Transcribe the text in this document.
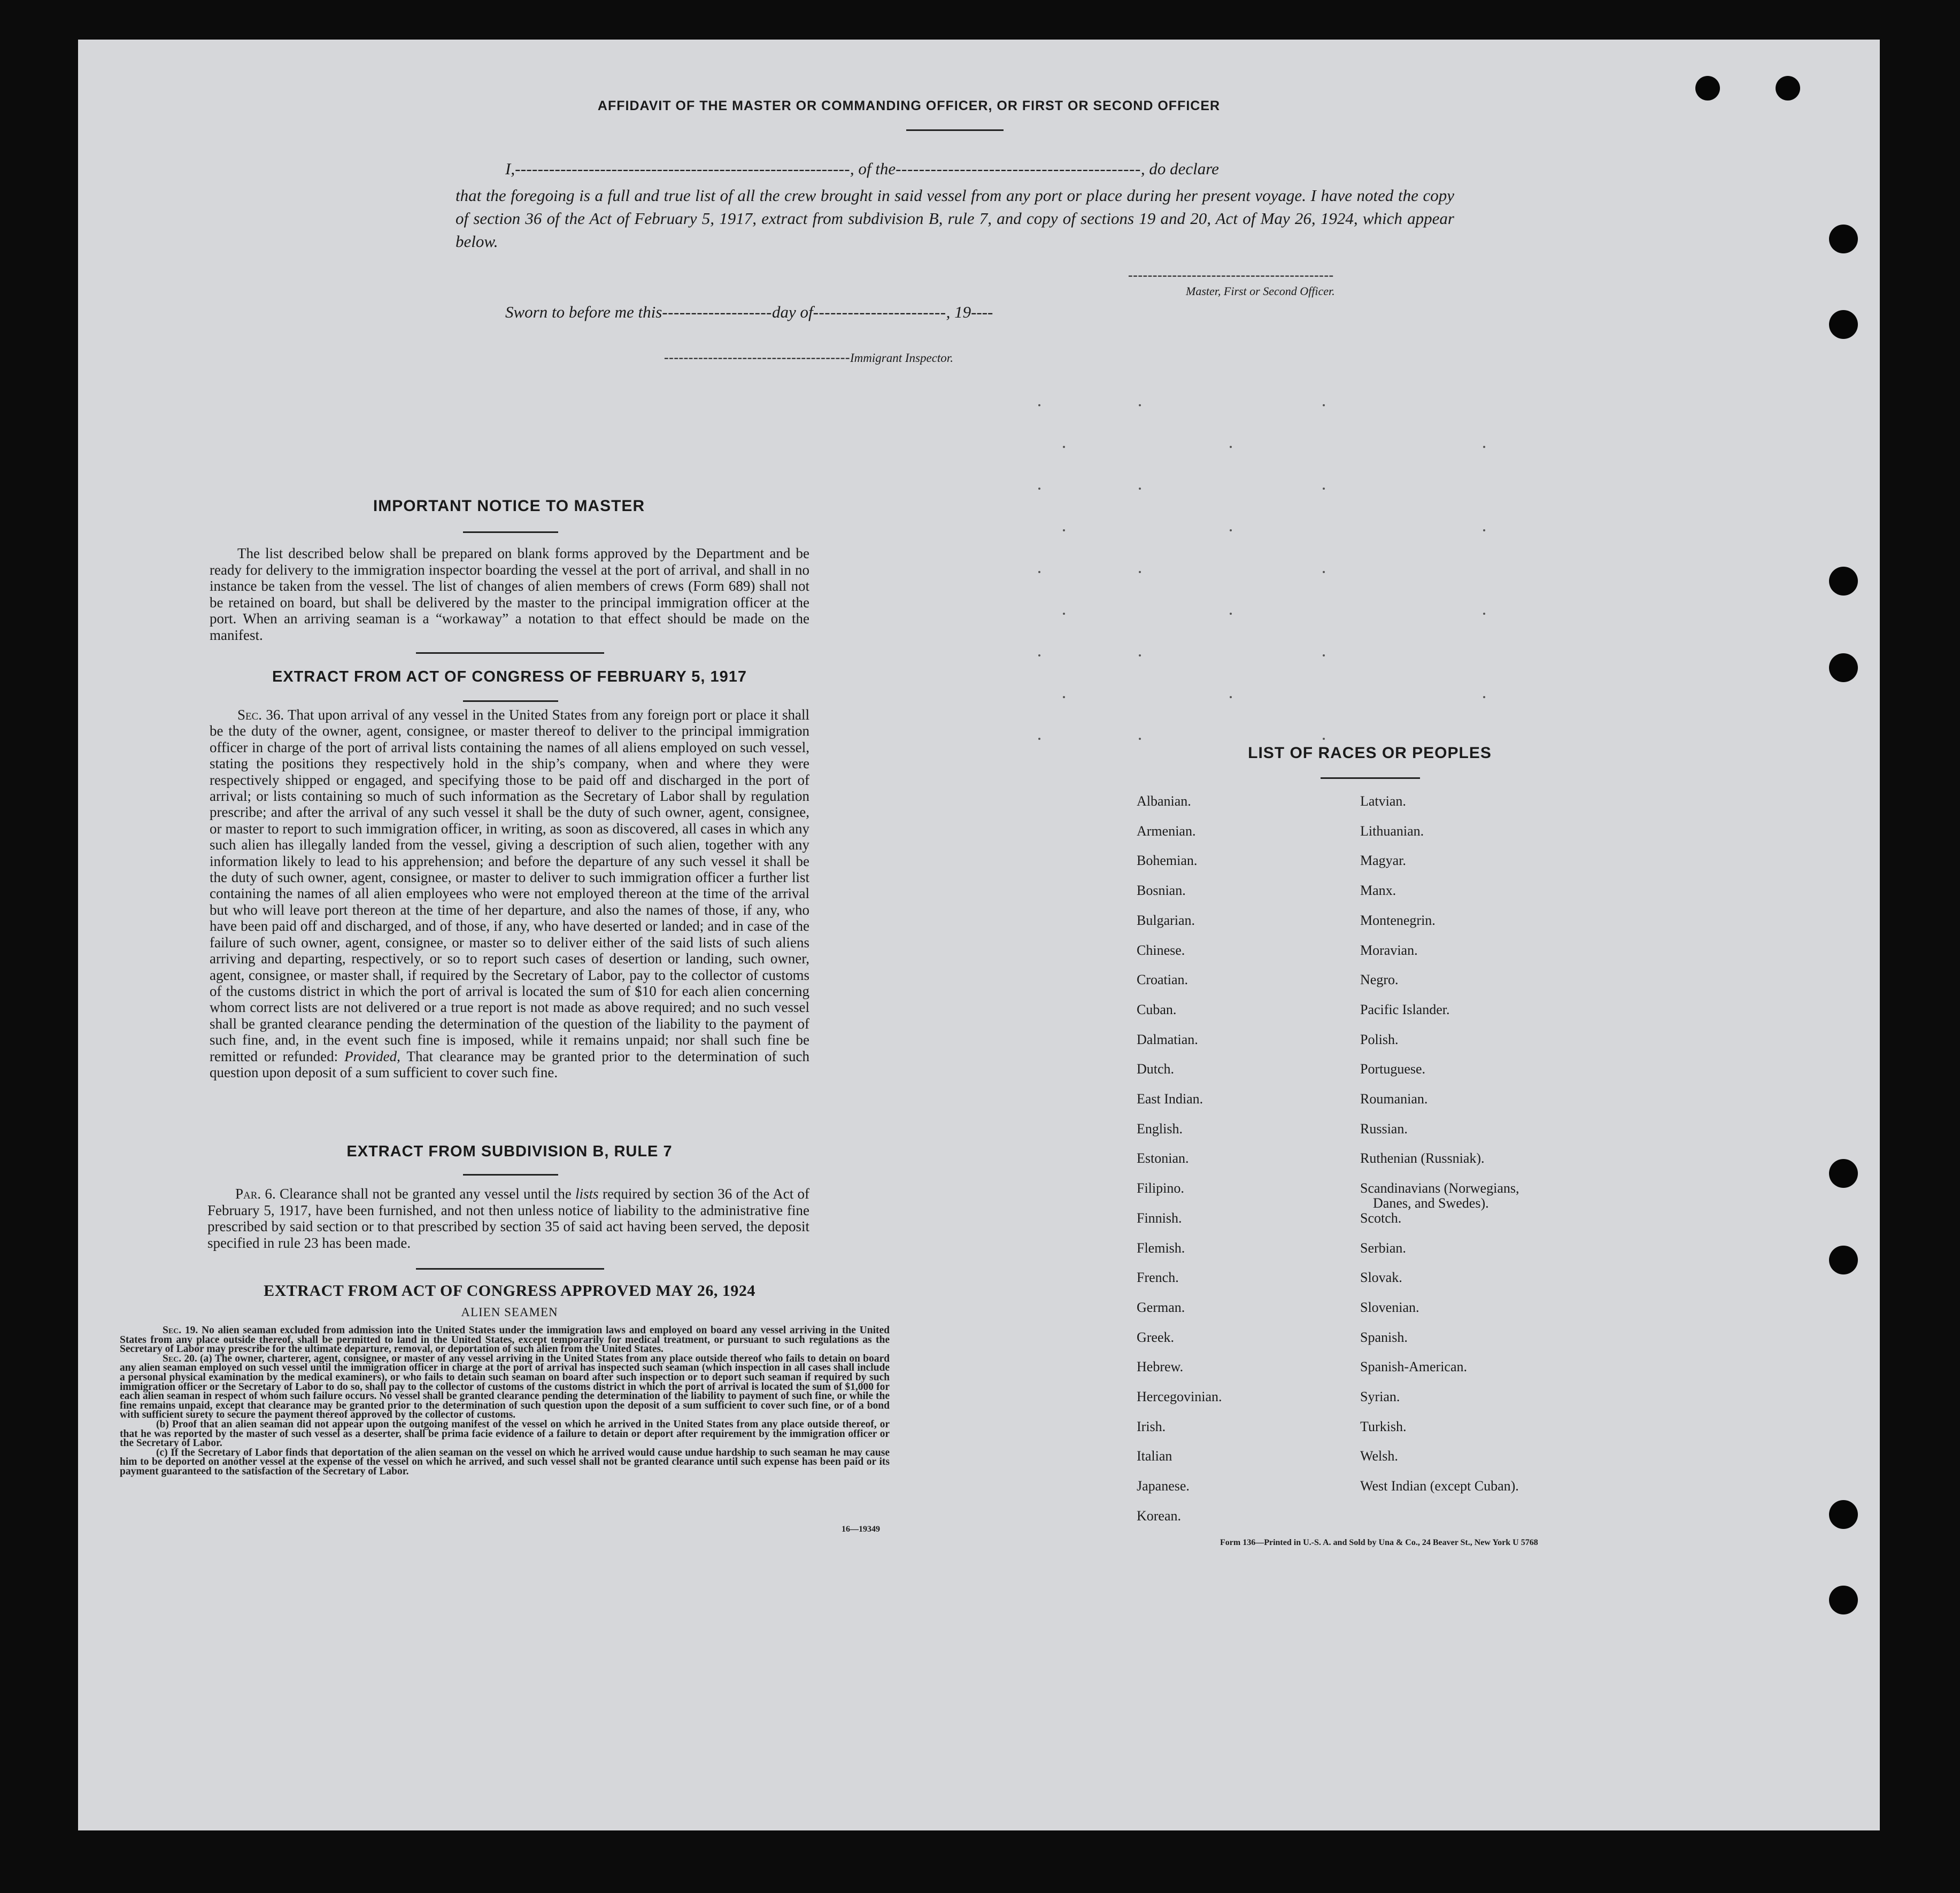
AFFIDAVIT OF THE MASTER OR COMMANDING OFFICER, OR FIRST OR SECOND OFFICER
I,-----------------------------------------------------------, of the------------------------------------------, do declare
that the foregoing is a full and true list of all the crew brought in said vessel from any port or place during her present voyage. I have noted the copy of section 36 of the Act of February 5, 1917, extract from subdivision B, rule 7, and copy of sections 19 and 20, Act of May 26, 1924, which appear below.
------------------------------------------
Master, First or Second Officer.
Sworn to before me this-------------------day of-----------------------, 19----
--------------------------------------Immigrant Inspector.
IMPORTANT NOTICE TO MASTER
The list described below shall be prepared on blank forms approved by the Department and be ready for delivery to the immigration inspector boarding the vessel at the port of arrival, and shall in no instance be taken from the vessel. The list of changes of alien members of crews (Form 689) shall not be retained on board, but shall be delivered by the master to the principal immigration officer at the port. When an arriving seaman is a “workaway” a notation to that effect should be made on the manifest.
EXTRACT FROM ACT OF CONGRESS OF FEBRUARY 5, 1917
Sec. 36. That upon arrival of any vessel in the United States from any foreign port or place it shall be the duty of the owner, agent, consignee, or master thereof to deliver to the principal immigration officer in charge of the port of arrival lists containing the names of all aliens employed on such vessel, stating the positions they respectively hold in the ship’s company, when and where they were respectively shipped or engaged, and specifying those to be paid off and discharged in the port of arrival; or lists containing so much of such information as the Secretary of Labor shall by regulation prescribe; and after the arrival of any such vessel it shall be the duty of such owner, agent, consignee, or master to report to such immigration officer, in writing, as soon as discovered, all cases in which any such alien has illegally landed from the vessel, giving a description of such alien, together with any information likely to lead to his apprehension; and before the departure of any such vessel it shall be the duty of such owner, agent, consignee, or master to deliver to such immigration officer a further list containing the names of all alien employees who were not employed thereon at the time of the arrival but who will leave port thereon at the time of her departure, and also the names of those, if any, who have been paid off and discharged, and of those, if any, who have deserted or landed; and in case of the failure of such owner, agent, consignee, or master so to deliver either of the said lists of such aliens arriving and departing, respectively, or so to report such cases of desertion or landing, such owner, agent, consignee, or master shall, if required by the Secretary of Labor, pay to the collector of customs of the customs district in which the port of arrival is located the sum of $10 for each alien concerning whom correct lists are not delivered or a true report is not made as above required; and no such vessel shall be granted clearance pending the determination of the question of the liability to the payment of such fine, and, in the event such fine is imposed, while it remains unpaid; nor shall such fine be remitted or refunded: Provided, That clearance may be granted prior to the determination of such question upon deposit of a sum sufficient to cover such fine.
EXTRACT FROM SUBDIVISION B, RULE 7
Par. 6. Clearance shall not be granted any vessel until the lists required by section 36 of the Act of February 5, 1917, have been furnished, and not then unless notice of liability to the administrative fine prescribed by said section or to that prescribed by section 35 of said act having been served, the deposit specified in rule 23 has been made.
EXTRACT FROM ACT OF CONGRESS APPROVED MAY 26, 1924
ALIEN SEAMEN
Sec. 19. No alien seaman excluded from admission into the United States under the immigration laws and employed on board any vessel arriving in the United States from any place outside thereof, shall be permitted to land in the United States, except temporarily for medical treatment, or pursuant to such regulations as the Secretary of Labor may prescribe for the ultimate departure, removal, or deportation of such alien from the United States.
Sec. 20. (a) The owner, charterer, agent, consignee, or master of any vessel arriving in the United States from any place outside thereof who fails to detain on board any alien seaman employed on such vessel until the immigration officer in charge at the port of arrival has inspected such seaman (which inspection in all cases shall include a personal physical examination by the medical examiners), or who fails to detain such seaman on board after such inspection or to deport such seaman if required by such immigration officer or the Secretary of Labor to do so, shall pay to the collector of customs of the customs district in which the port of arrival is located the sum of $1,000 for each alien seaman in respect of whom such failure occurs. No vessel shall be granted clearance pending the determination of the liability to payment of such fine, or while the fine remains unpaid, except that clearance may be granted prior to the determination of such question upon the deposit of a sum sufficient to cover such fine, or of a bond with sufficient surety to secure the payment thereof approved by the collector of customs.
(b) Proof that an alien seaman did not appear upon the outgoing manifest of the vessel on which he arrived in the United States from any place outside thereof, or that he was reported by the master of such vessel as a deserter, shall be prima facie evidence of a failure to detain or deport after requirement by the immigration officer or the Secretary of Labor.
(c) If the Secretary of Labor finds that deportation of the alien seaman on the vessel on which he arrived would cause undue hardship to such seaman he may cause him to be deported on another vessel at the expense of the vessel on which he arrived, and such vessel shall not be granted clearance until such expense has been paid or its payment guaranteed to the satisfaction of the Secretary of Labor.
16—19349
LIST OF RACES OR PEOPLES
Albanian.
Armenian.
Bohemian.
Bosnian.
Bulgarian.
Chinese.
Croatian.
Cuban.
Dalmatian.
Dutch.
East Indian.
English.
Estonian.
Filipino.
Finnish.
Flemish.
French.
German.
Greek.
Hebrew.
Hercegovinian.
Irish.
Italian
Japanese.
Korean.
Latvian.
Lithuanian.
Magyar.
Manx.
Montenegrin.
Moravian.
Negro.
Pacific Islander.
Polish.
Portuguese.
Roumanian.
Russian.
Ruthenian (Russniak).
Scandinavians (Norwegians,
Danes, and Swedes).
Scotch.
Serbian.
Slovak.
Slovenian.
Spanish.
Spanish-American.
Syrian.
Turkish.
Welsh.
West Indian (except Cuban).
Form 136—Printed in U.-S. A. and Sold by Una & Co., 24 Beaver St., New York U 5768
